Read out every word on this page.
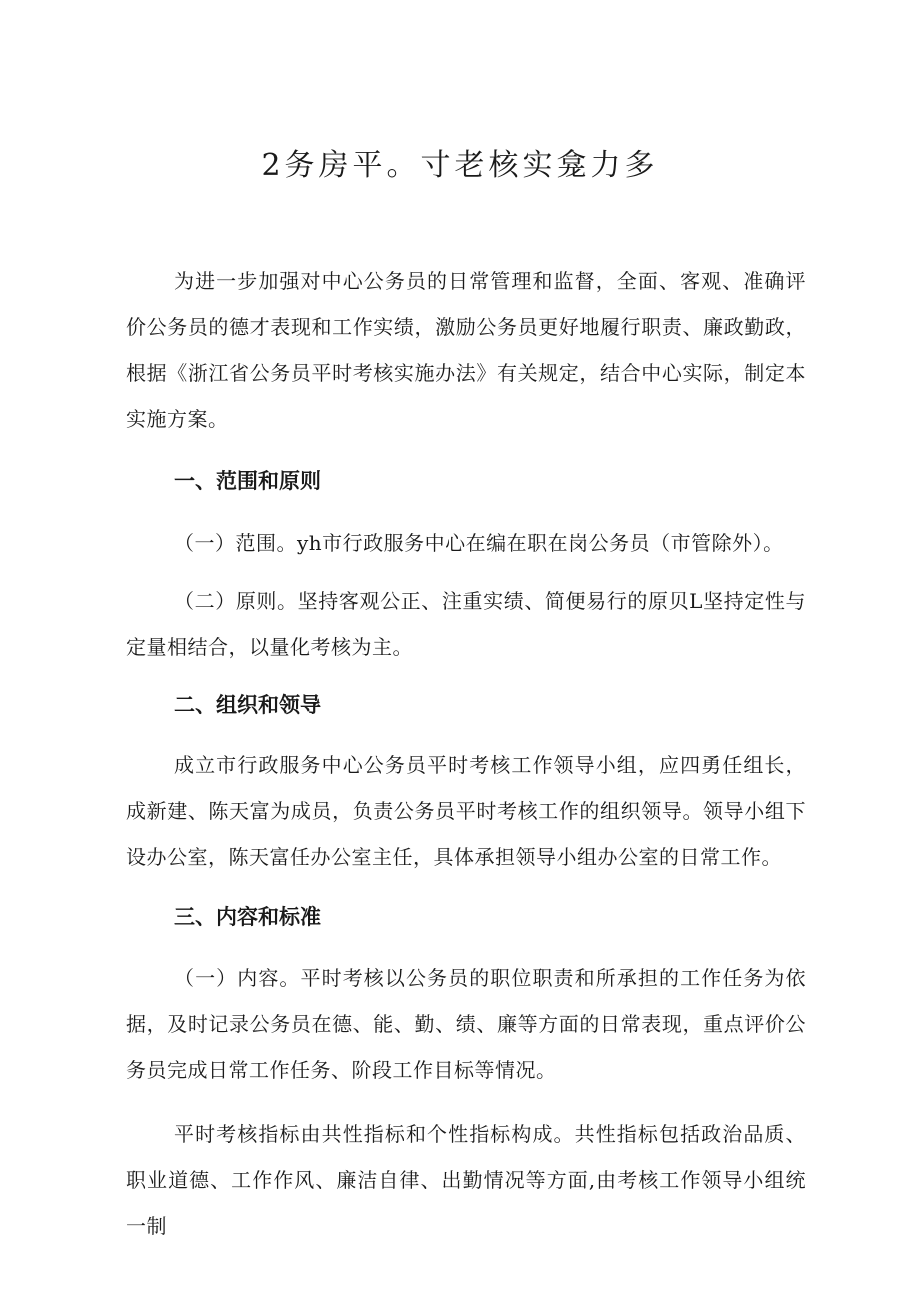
2务房平。寸老核实龛力多

为进一步加强对中心公务员的日常管理和监督，全面、客观、准确评价公务员的德才表现和工作实绩，激励公务员更好地履行职责、廉政勤政，根据《浙江省公务员平时考核实施办法》有关规定，结合中心实际，制定本实施方案。

一、范围和原则

（一）范围。yh市行政服务中心在编在职在岗公务员（市管除外）。

（二）原则。坚持客观公正、注重实绩、简便易行的原贝L坚持定性与定量相结合，以量化考核为主。

二、组织和领导

成立市行政服务中心公务员平时考核工作领导小组，应四勇任组长，成新建、陈天富为成员，负责公务员平时考核工作的组织领导。领导小组下设办公室，陈天富任办公室主任，具体承担领导小组办公室的日常工作。

三、内容和标准

（一）内容。平时考核以公务员的职位职责和所承担的工作任务为依据，及时记录公务员在德、能、勤、绩、廉等方面的日常表现，重点评价公务员完成日常工作任务、阶段工作目标等情况。

平时考核指标由共性指标和个性指标构成。共性指标包括政治品质、职业道德、工作作风、廉洁自律、出勤情况等方面,由考核工作领导小组统一制
